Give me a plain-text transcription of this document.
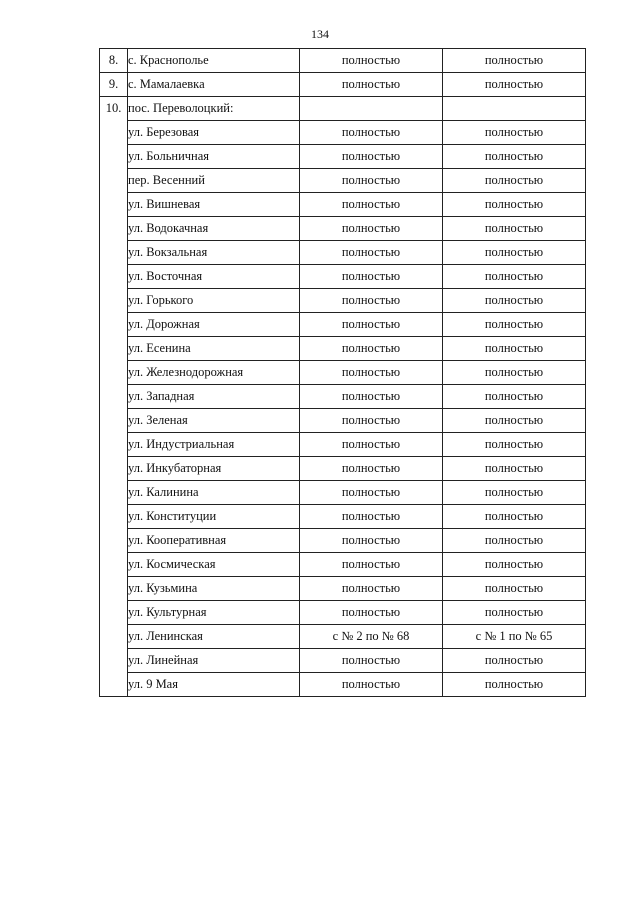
134
8.	с. Краснополье	полностью	полностью
9.	с. Мамалаевка	полностью	полностью
10.	пос. Переволоцкий:		
	ул. Березовая	полностью	полностью
	ул. Больничная	полностью	полностью
	пер. Весенний	полностью	полностью
	ул. Вишневая	полностью	полностью
	ул. Водокачная	полностью	полностью
	ул. Вокзальная	полностью	полностью
	ул. Восточная	полностью	полностью
	ул. Горького	полностью	полностью
	ул. Дорожная	полностью	полностью
	ул. Есенина	полностью	полностью
	ул. Железнодорожная	полностью	полностью
	ул. Западная	полностью	полностью
	ул. Зеленая	полностью	полностью
	ул. Индустриальная	полностью	полностью
	ул. Инкубаторная	полностью	полностью
	ул. Калинина	полностью	полностью
	ул. Конституции	полностью	полностью
	ул. Кооперативная	полностью	полностью
	ул. Космическая	полностью	полностью
	ул. Кузьмина	полностью	полностью
	ул. Культурная	полностью	полностью
	ул. Ленинская	с № 2 по № 68	с № 1 по № 65
	ул. Линейная	полностью	полностью
	ул. 9 Мая	полностью	полностью
